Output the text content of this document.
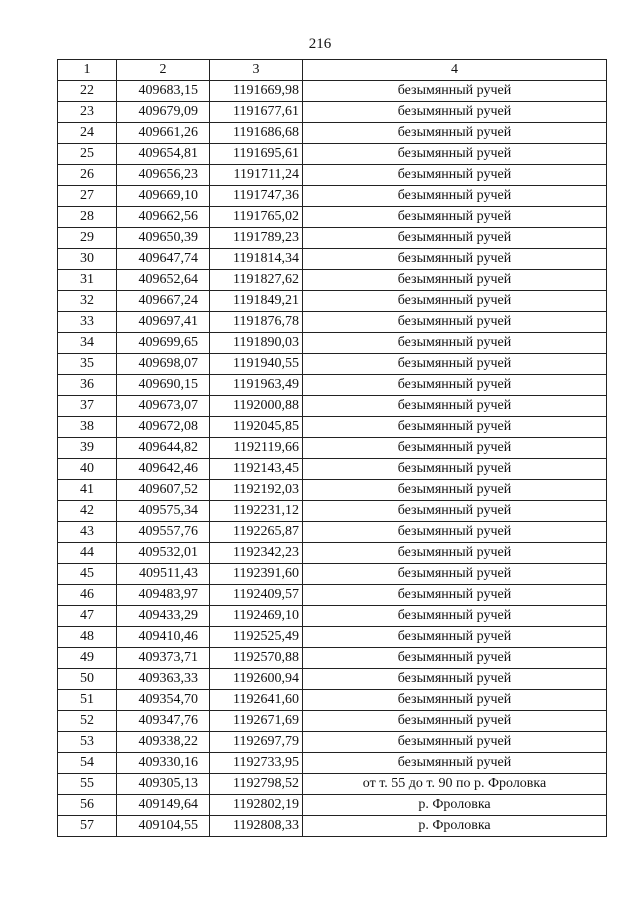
216
1	2	3	4
22	409683,15	1191669,98	безымянный ручей
23	409679,09	1191677,61	безымянный ручей
24	409661,26	1191686,68	безымянный ручей
25	409654,81	1191695,61	безымянный ручей
26	409656,23	1191711,24	безымянный ручей
27	409669,10	1191747,36	безымянный ручей
28	409662,56	1191765,02	безымянный ручей
29	409650,39	1191789,23	безымянный ручей
30	409647,74	1191814,34	безымянный ручей
31	409652,64	1191827,62	безымянный ручей
32	409667,24	1191849,21	безымянный ручей
33	409697,41	1191876,78	безымянный ручей
34	409699,65	1191890,03	безымянный ручей
35	409698,07	1191940,55	безымянный ручей
36	409690,15	1191963,49	безымянный ручей
37	409673,07	1192000,88	безымянный ручей
38	409672,08	1192045,85	безымянный ручей
39	409644,82	1192119,66	безымянный ручей
40	409642,46	1192143,45	безымянный ручей
41	409607,52	1192192,03	безымянный ручей
42	409575,34	1192231,12	безымянный ручей
43	409557,76	1192265,87	безымянный ручей
44	409532,01	1192342,23	безымянный ручей
45	409511,43	1192391,60	безымянный ручей
46	409483,97	1192409,57	безымянный ручей
47	409433,29	1192469,10	безымянный ручей
48	409410,46	1192525,49	безымянный ручей
49	409373,71	1192570,88	безымянный ручей
50	409363,33	1192600,94	безымянный ручей
51	409354,70	1192641,60	безымянный ручей
52	409347,76	1192671,69	безымянный ручей
53	409338,22	1192697,79	безымянный ручей
54	409330,16	1192733,95	безымянный ручей
55	409305,13	1192798,52	от т. 55 до т. 90 по р. Фроловка
56	409149,64	1192802,19	р. Фроловка
57	409104,55	1192808,33	р. Фроловка
